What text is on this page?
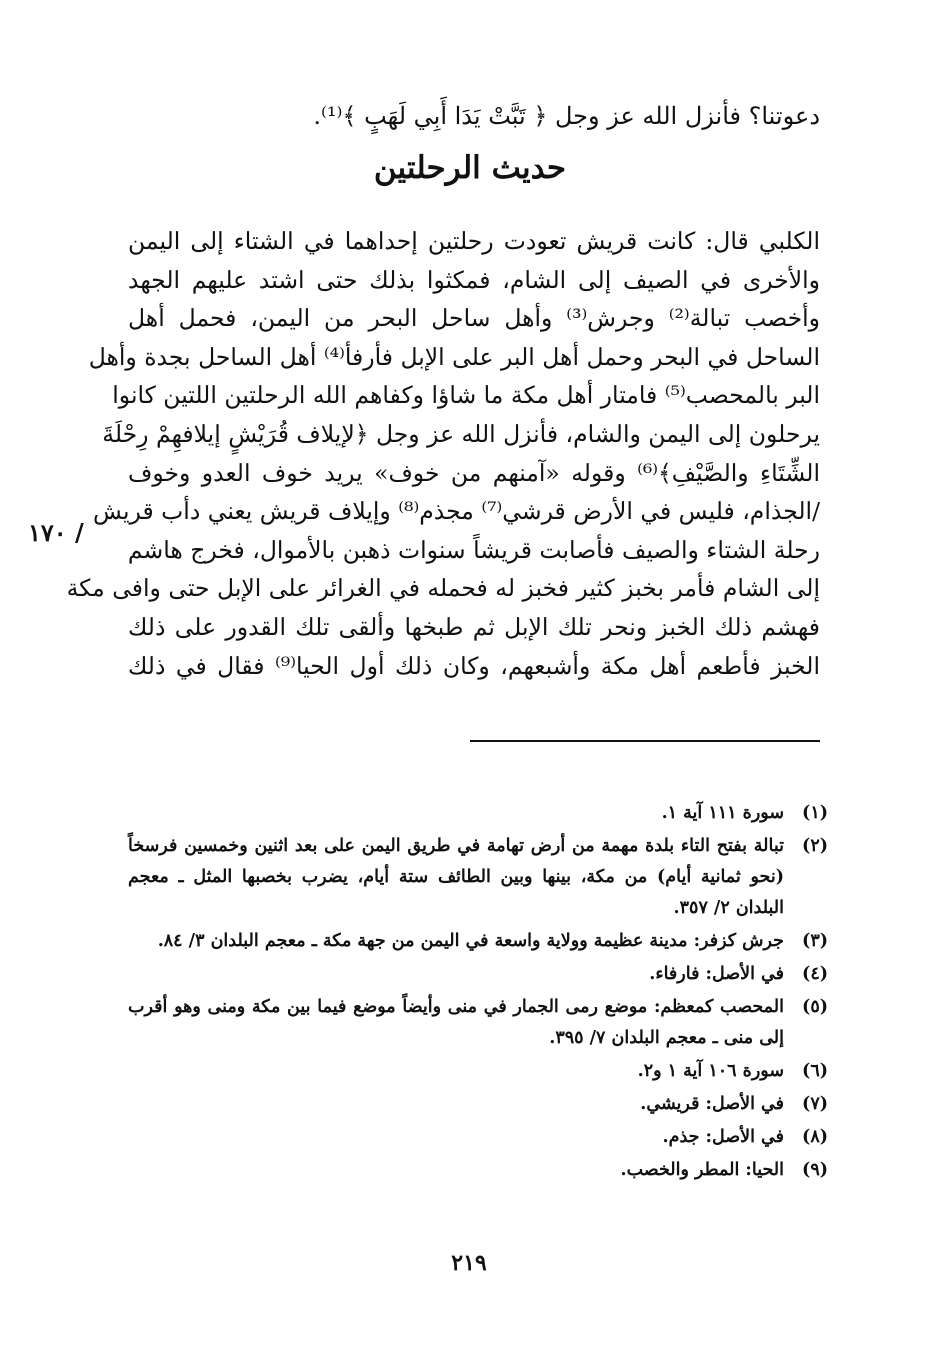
دعوتنا؟ فأنزل الله عز وجل ﴿ تَبَّتْ يَدَا أَبِي لَهَبٍ ﴾⁽¹⁾.
حديث الرحلتين
الكلبي قال: كانت قريش تعودت رحلتين إحداهما في الشتاء إلى اليمن
والأخرى في الصيف إلى الشام، فمكثوا بذلك حتى اشتد عليهم الجهد
وأخصب تبالة⁽²⁾ وجرش⁽³⁾ وأهل ساحل البحر من اليمن، فحمل أهل
الساحل في البحر وحمل أهل البر على الإبل فأرفأ⁽⁴⁾ أهل الساحل بجدة وأهل
البر بالمحصب⁽⁵⁾ فامتار أهل مكة ما شاؤا وكفاهم الله الرحلتين اللتين كانوا
يرحلون إلى اليمن والشام، فأنزل الله عز وجل ﴿لإيلاف قُرَيْشٍ إيلافهِمْ رِحْلَةَ
الشِّتَاءِ والصَّيْفِ﴾⁽⁶⁾ وقوله «آمنهم من خوف» يريد خوف العدو وخوف
/الجذام، فليس في الأرض قرشي⁽⁷⁾ مجذم⁽⁸⁾ وإيلاف قريش يعني دأب قريش
رحلة الشتاء والصيف فأصابت قريشاً سنوات ذهبن بالأموال، فخرج هاشم
إلى الشام فأمر بخبز كثير فخبز له فحمله في الغرائر على الإبل حتى وافى مكة
فهشم ذلك الخبز ونحر تلك الإبل ثم طبخها وألقى تلك القدور على ذلك
الخبز فأطعم أهل مكة وأشبعهم، وكان ذلك أول الحيا⁽⁹⁾ فقال في ذلك
/ ١٧٠
(١)
سورة ١١١ آية ١.
(٢)
تبالة بفتح التاء بلدة مهمة من أرض تهامة في طريق اليمن على بعد اثنين وخمسين فرسخاً (نحو ثمانية أيام) من مكة، بينها وبين الطائف ستة أيام، يضرب بخصبها المثل ـ معجم البلدان ٢/ ٣٥٧.
(٣)
جرش كزفر: مدينة عظيمة وولاية واسعة في اليمن من جهة مكة ـ معجم البلدان ٣/ ٨٤.
(٤)
في الأصل: فارفاء.
(٥)
المحصب كمعظم: موضع رمى الجمار في منى وأيضاً موضع فيما بين مكة ومنى وهو أقرب إلى منى ـ معجم البلدان ٧/ ٣٩٥.
(٦)
سورة ١٠٦ آية ١ و٢.
(٧)
في الأصل: قريشي.
(٨)
في الأصل: جذم.
(٩)
الحيا: المطر والخصب.
٢١٩
